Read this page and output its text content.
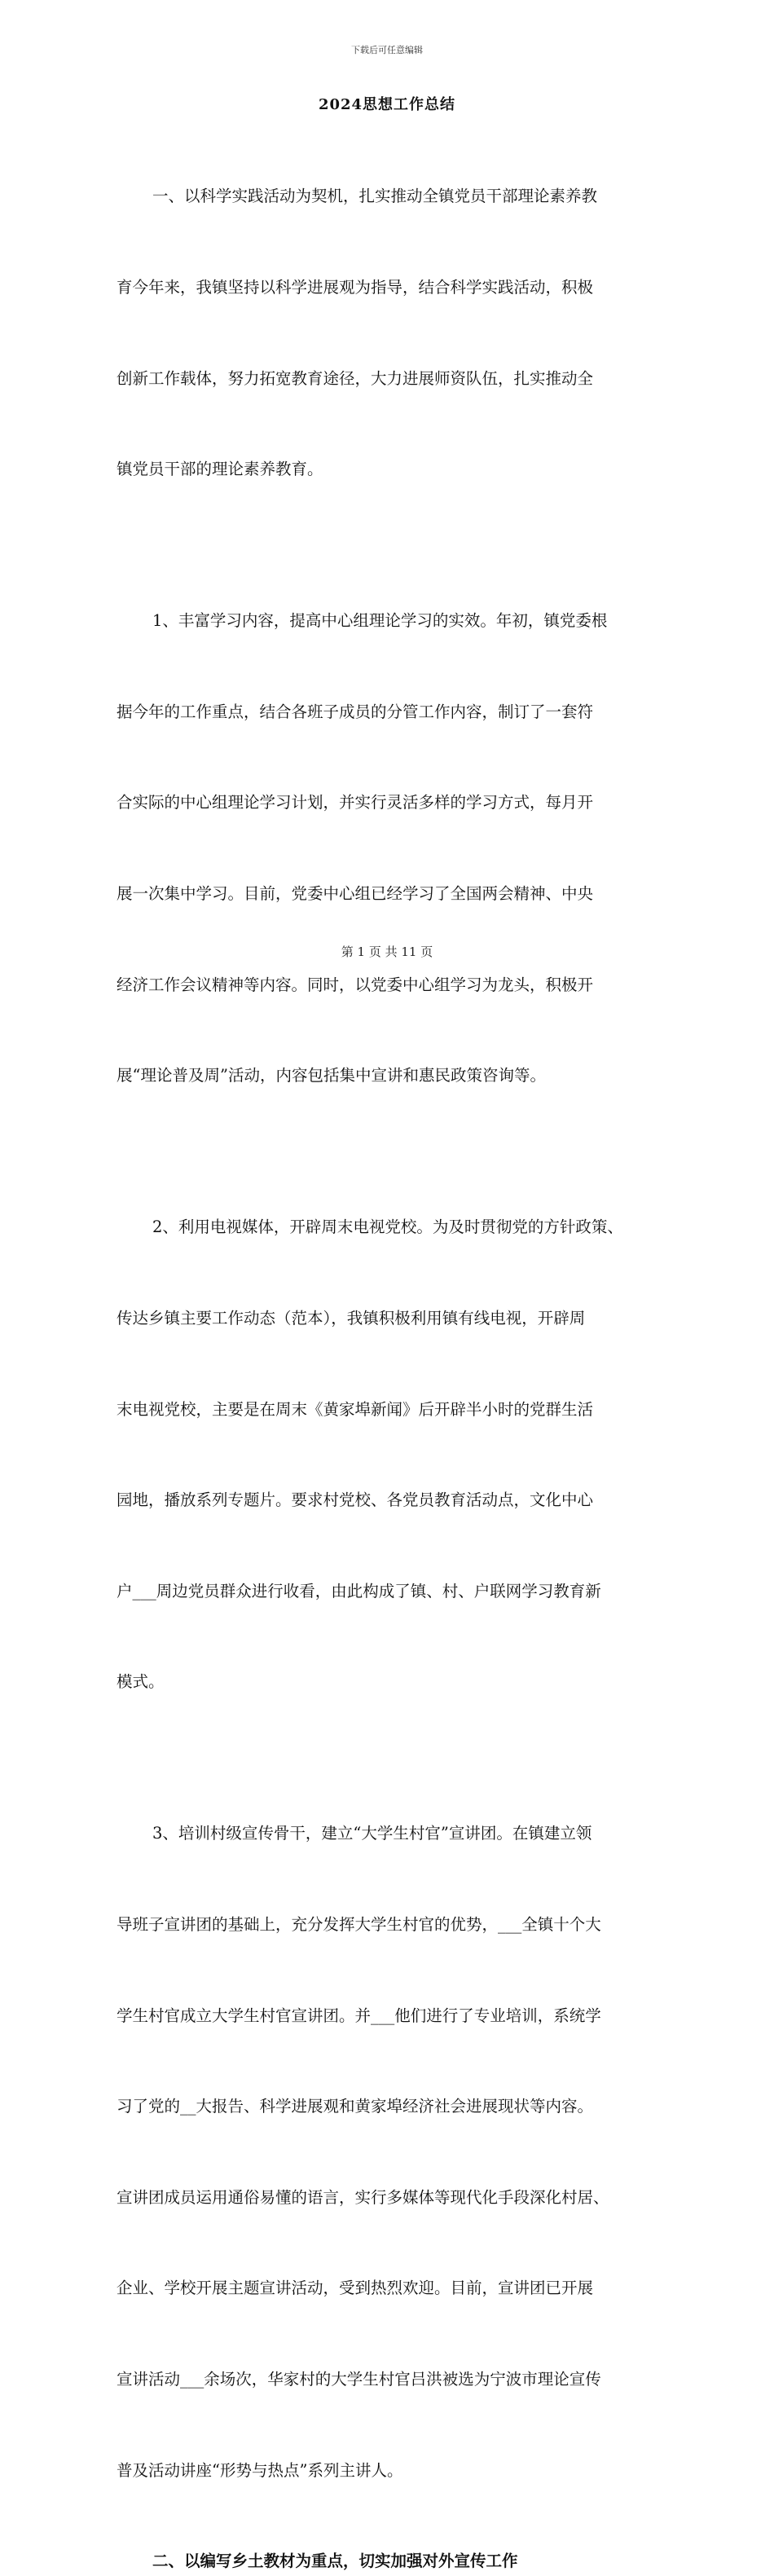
下载后可任意编辑
2024思想工作总结

一、以科学实践活动为契机，扎实推动全镇党员干部理论素养教

育今年来，我镇坚持以科学进展观为指导，结合科学实践活动，积极

创新工作载体，努力拓宽教育途径，大力进展师资队伍，扎实推动全

镇党员干部的理论素养教育。

1、丰富学习内容，提高中心组理论学习的实效。年初，镇党委根

据今年的工作重点，结合各班子成员的分管工作内容，制订了一套符

合实际的中心组理论学习计划，并实行灵活多样的学习方式，每月开

展一次集中学习。目前，党委中心组已经学习了全国两会精神、中央

经济工作会议精神等内容。同时，以党委中心组学习为龙头，积极开

展“理论普及周”活动，内容包括集中宣讲和惠民政策咨询等。

2、利用电视媒体，开辟周末电视党校。为及时贯彻党的方针政策、

传达乡镇主要工作动态（范本），我镇积极利用镇有线电视，开辟周

末电视党校，主要是在周末《黄家埠新闻》后开辟半小时的党群生活

园地，播放系列专题片。要求村党校、各党员教育活动点，文化中心

户___周边党员群众进行收看，由此构成了镇、村、户联网学习教育新

模式。

3、培训村级宣传骨干，建立“大学生村官”宣讲团。在镇建立领

导班子宣讲团的基础上，充分发挥大学生村官的优势，___全镇十个大

学生村官成立大学生村官宣讲团。并___他们进行了专业培训，系统学

习了党的__大报告、科学进展观和黄家埠经济社会进展现状等内容。

宣讲团成员运用通俗易懂的语言，实行多媒体等现代化手段深化村居、

企业、学校开展主题宣讲活动，受到热烈欢迎。目前，宣讲团已开展

宣讲活动___余场次，华家村的大学生村官吕洪被选为宁波市理论宣传

普及活动讲座“形势与热点”系列主讲人。

二、以编写乡土教材为重点，切实加强对外宣传工作

第 1 页 共 11 页
